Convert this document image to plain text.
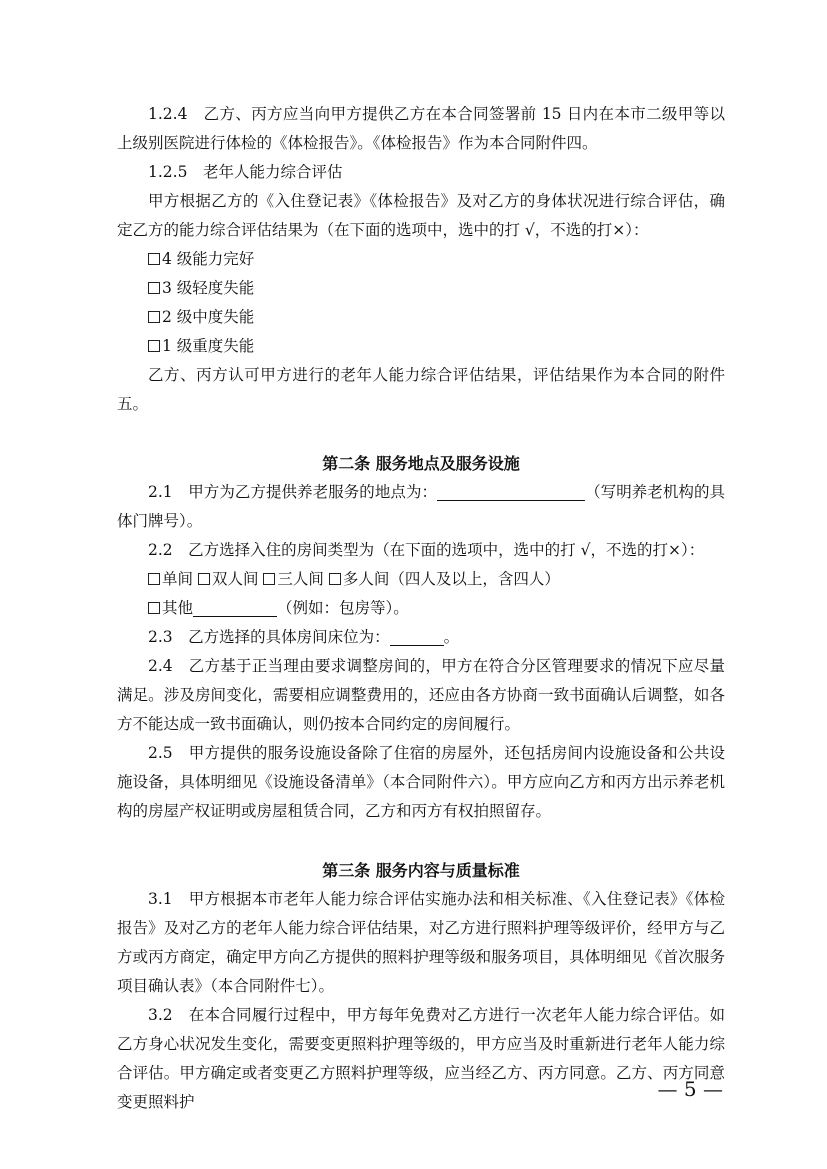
1.2.4　乙方、丙方应当向甲方提供乙方在本合同签署前 15 日内在本市二级甲等以上级别医院进行体检的《体检报告》。《体检报告》作为本合同附件四。

1.2.5　老年人能力综合评估

甲方根据乙方的《入住登记表》《体检报告》及对乙方的身体状况进行综合评估，确定乙方的能力综合评估结果为（在下面的选项中，选中的打 √，不选的打×）：

4 级能力完好

3 级轻度失能

2 级中度失能

1 级重度失能

乙方、丙方认可甲方进行的老年人能力综合评估结果，评估结果作为本合同的附件五。

第二条 服务地点及服务设施

2.1　甲方为乙方提供养老服务的地点为：	（写明养老机构的具体门牌号）。

2.2　乙方选择入住的房间类型为（在下面的选项中，选中的打 √，不选的打×）：

单间 双人间 三人间 多人间（四人及以上，含四人）

其他	（例如：包房等）。

2.3　乙方选择的具体房间床位为：	。

2.4　乙方基于正当理由要求调整房间的，甲方在符合分区管理要求的情况下应尽量满足。涉及房间变化，需要相应调整费用的，还应由各方协商一致书面确认后调整，如各方不能达成一致书面确认，则仍按本合同约定的房间履行。

2.5　甲方提供的服务设施设备除了住宿的房屋外，还包括房间内设施设备和公共设施设备，具体明细见《设施设备清单》（本合同附件六）。甲方应向乙方和丙方出示养老机构的房屋产权证明或房屋租赁合同，乙方和丙方有权拍照留存。

第三条 服务内容与质量标准

3.1　甲方根据本市老年人能力综合评估实施办法和相关标准、《入住登记表》《体检报告》及对乙方的老年人能力综合评估结果，对乙方进行照料护理等级评价，经甲方与乙方或丙方商定，确定甲方向乙方提供的照料护理等级和服务项目，具体明细见《首次服务项目确认表》（本合同附件七）。

3.2　在本合同履行过程中，甲方每年免费对乙方进行一次老年人能力综合评估。如乙方身心状况发生变化，需要变更照料护理等级的，甲方应当及时重新进行老年人能力综合评估。甲方确定或者变更乙方照料护理等级，应当经乙方、丙方同意。乙方、丙方同意变更照料护

— 5 —
